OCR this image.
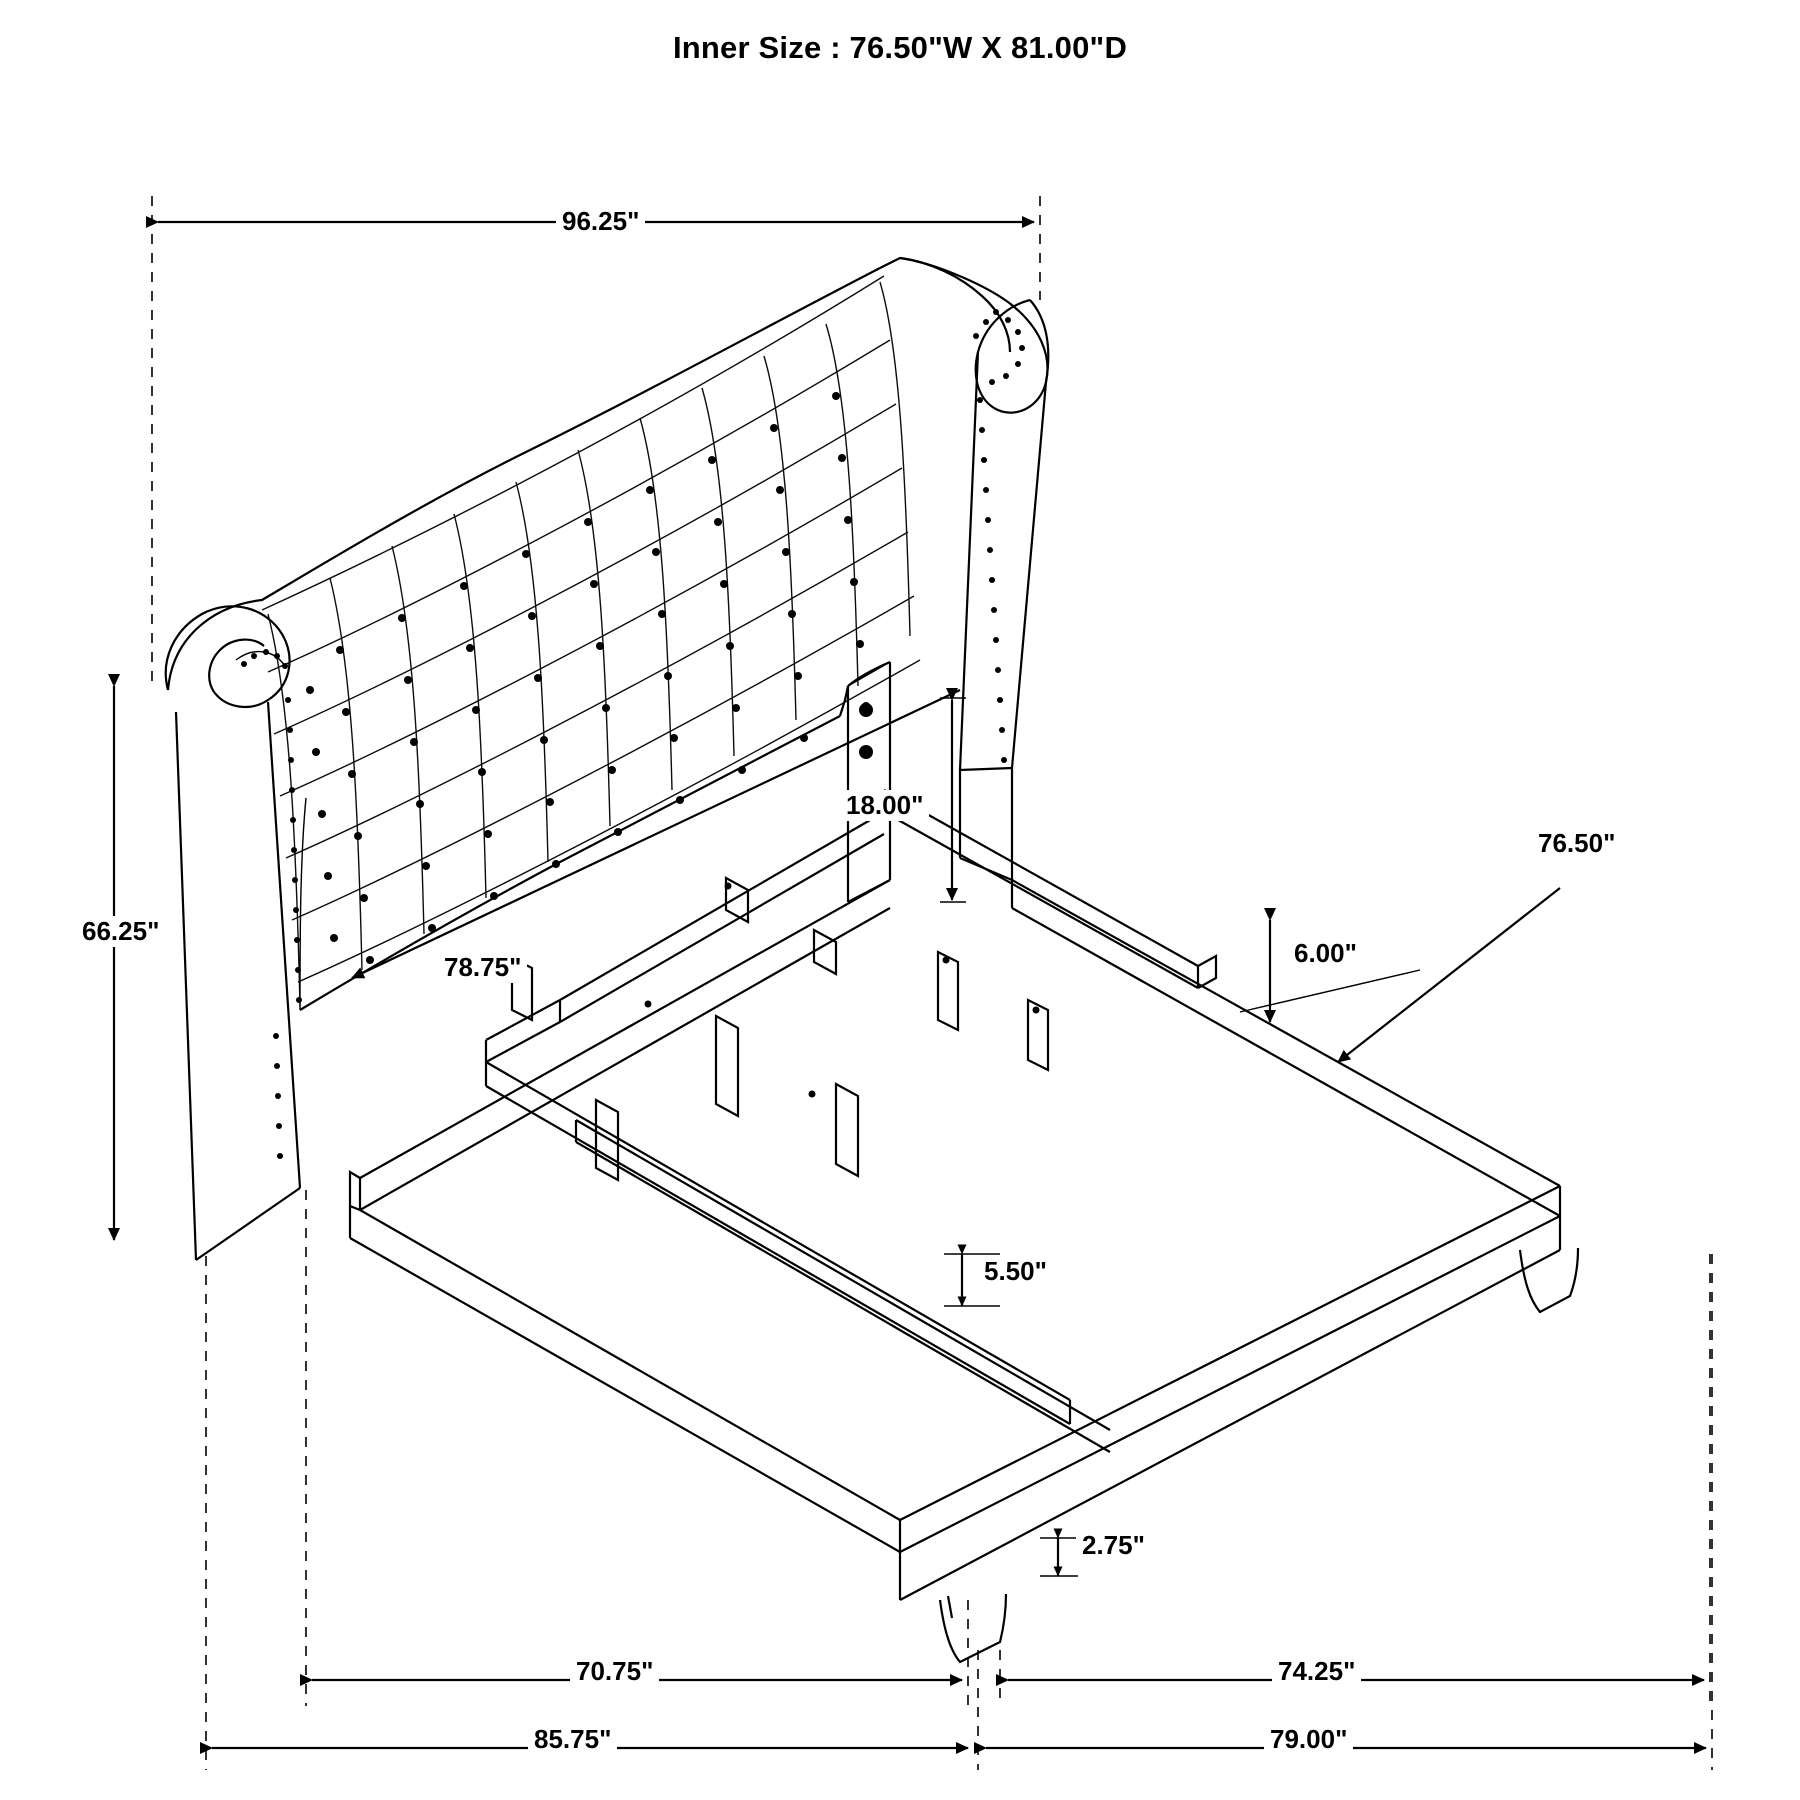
Inner Size : 76.50"W X 81.00"D
96.25"
66.25"
78.75"
18.00"
6.00"
5.50"
2.75"
76.50"
70.75"	74.25"
85.75"	79.00"
